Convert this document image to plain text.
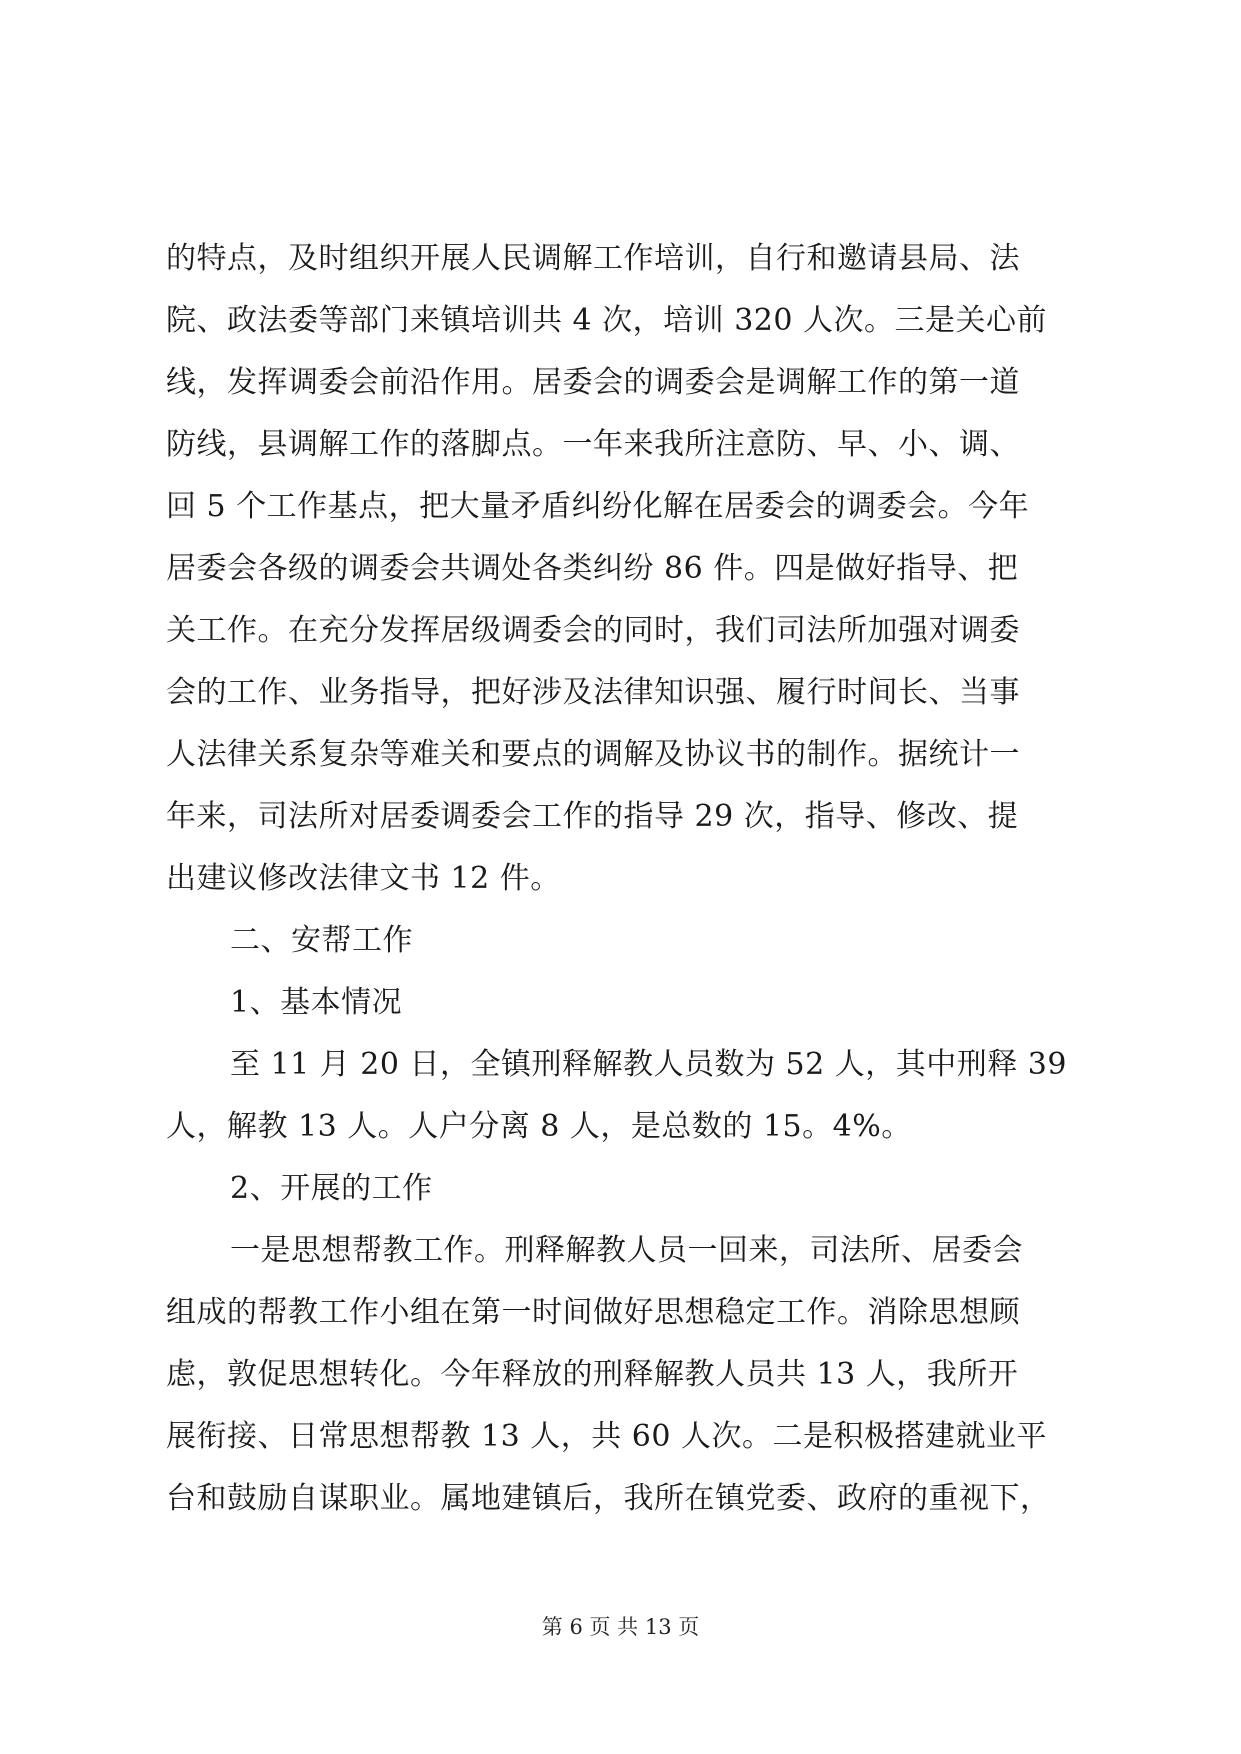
的特点，及时组织开展人民调解工作培训，自行和邀请县局、法
院、政法委等部门来镇培训共 4 次，培训 320 人次。三是关心前
线，发挥调委会前沿作用。居委会的调委会是调解工作的第一道
防线，县调解工作的落脚点。一年来我所注意防、早、小、调、
回 5 个工作基点，把大量矛盾纠纷化解在居委会的调委会。今年
居委会各级的调委会共调处各类纠纷 86 件。四是做好指导、把
关工作。在充分发挥居级调委会的同时，我们司法所加强对调委
会的工作、业务指导，把好涉及法律知识强、履行时间长、当事
人法律关系复杂等难关和要点的调解及协议书的制作。据统计一
年来，司法所对居委调委会工作的指导 29 次，指导、修改、提
出建议修改法律文书 12 件。
二、安帮工作
1、基本情况
至 11 月 20 日，全镇刑释解教人员数为 52 人，其中刑释 39
人，解教 13 人。人户分离 8 人，是总数的 15。4%。
2、开展的工作
一是思想帮教工作。刑释解教人员一回来，司法所、居委会
组成的帮教工作小组在第一时间做好思想稳定工作。消除思想顾
虑，敦促思想转化。今年释放的刑释解教人员共 13 人，我所开
展衔接、日常思想帮教 13 人，共 60 人次。二是积极搭建就业平
台和鼓励自谋职业。属地建镇后，我所在镇党委、政府的重视下，
第 6 页 共 13 页
